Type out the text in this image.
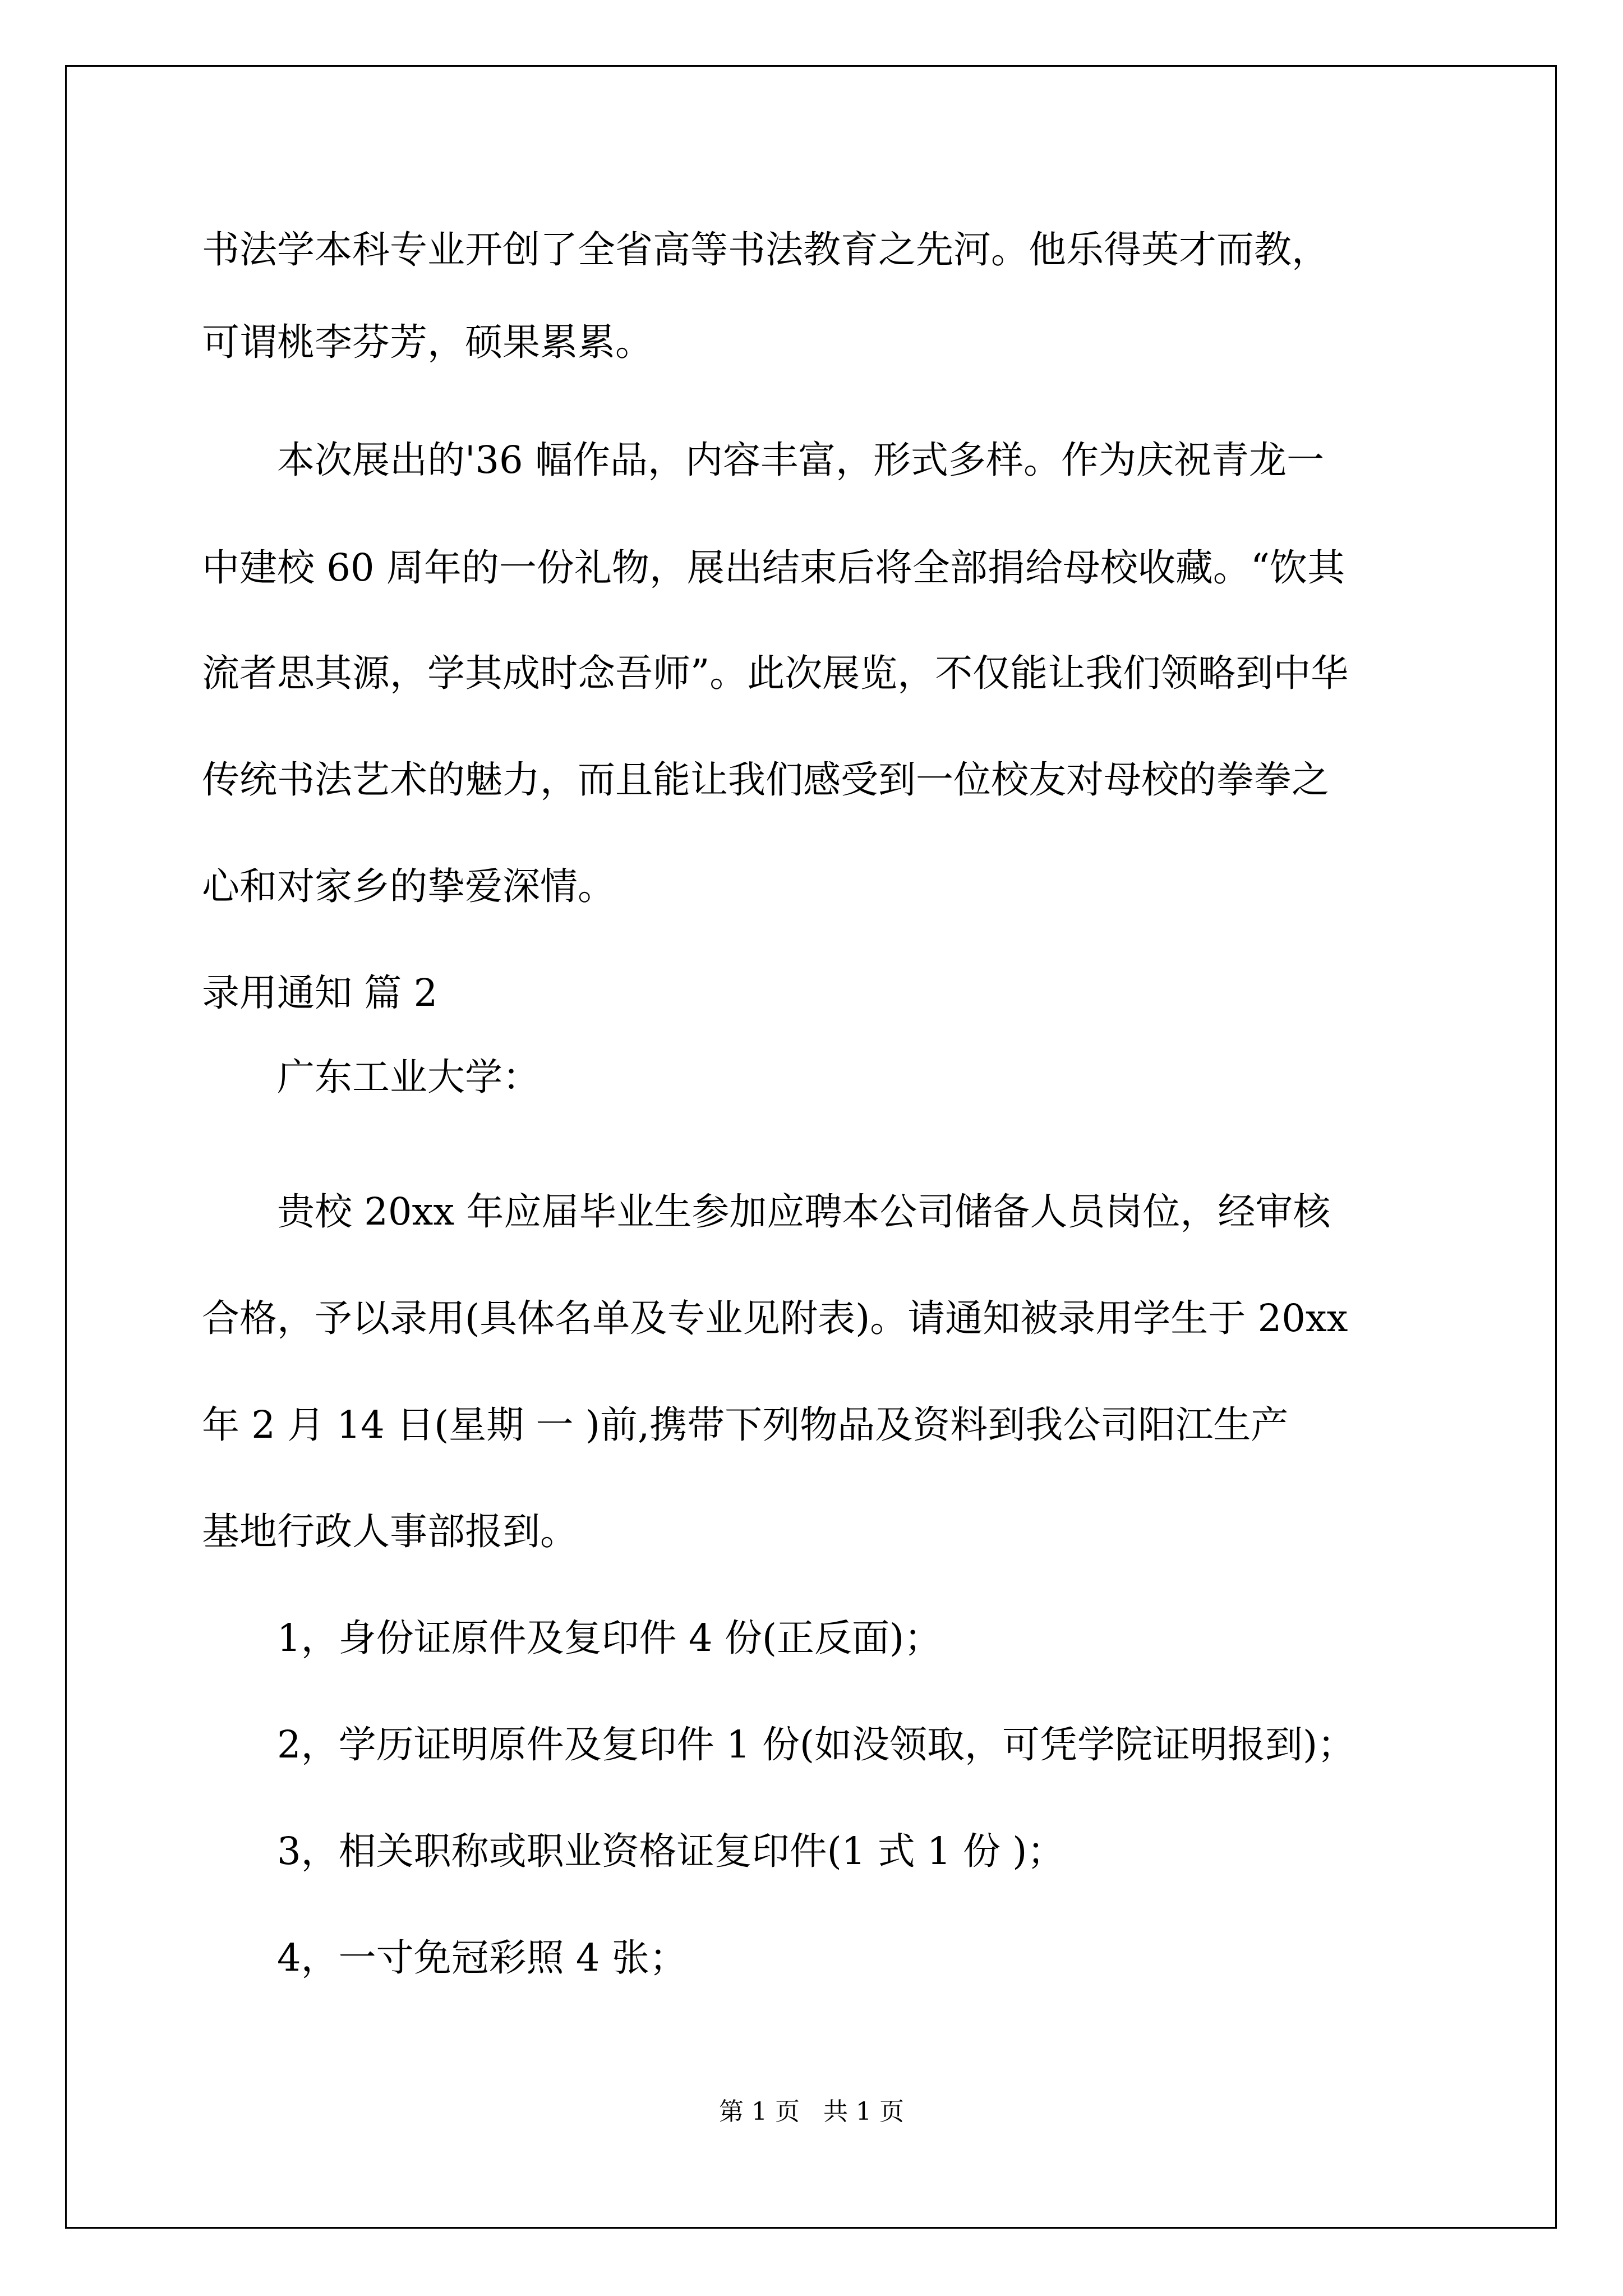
书法学本科专业开创了全省高等书法教育之先河。他乐得英才而教，
可谓桃李芬芳，硕果累累。
本次展出的'36 幅作品，内容丰富，形式多样。作为庆祝青龙一
中建校 60 周年的一份礼物，展出结束后将全部捐给母校收藏。“饮其
流者思其源，学其成时念吾师”。此次展览，不仅能让我们领略到中华
传统书法艺术的魅力，而且能让我们感受到一位校友对母校的拳拳之
心和对家乡的挚爱深情。
录用通知 篇 2
广东工业大学：
贵校 20xx 年应届毕业生参加应聘本公司储备人员岗位，经审核
合格，予以录用(具体名单及专业见附表)。请通知被录用学生于 20xx
年 2 月 14 日(星期 一 )前,携带下列物品及资料到我公司阳江生产
基地行政人事部报到。
1，身份证原件及复印件 4 份(正反面)；
2，学历证明原件及复印件 1 份(如没领取，可凭学院证明报到)；
3，相关职称或职业资格证复印件(1 式 1 份 )；
4，一寸免冠彩照 4 张；
第 1 页   共 1 页
